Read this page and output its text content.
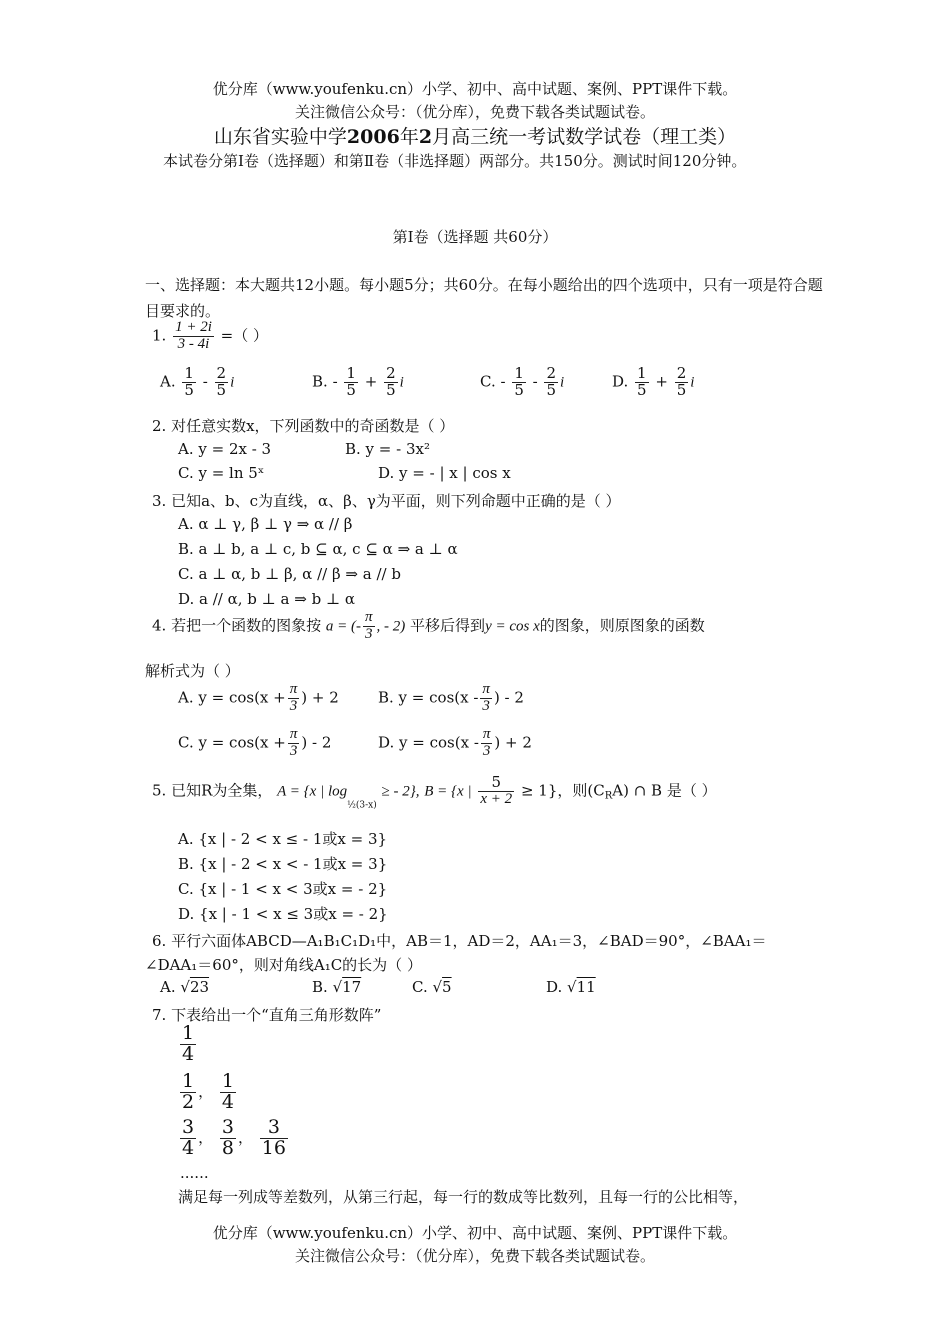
优分库（www.youfenku.cn）小学、初中、高中试题、案例、PPT课件下载。
关注微信公众号：（优分库），免费下载各类试题试卷。
山东省实验中学2006年2月高三统一考试数学试卷（理工类）
本试卷分第Ⅰ卷（选择题）和第Ⅱ卷（非选择题）两部分。共150分。测试时间120分钟。
第Ⅰ卷（选择题 共60分）
一、选择题：本大题共12小题。每小题5分；共60分。在每小题给出的四个选项中，只有一项是符合题目要求的。
1. $\frac{1 + 2i}{3 - 4i}$ =（ ）
A. $\frac{1}{5} - \frac{2}{5}$ i	B. - $\frac{1}{5} + \frac{2}{5}$ i	C. - $\frac{1}{5} - \frac{2}{5}$ i	D. $\frac{1}{5} + \frac{2}{5}$ i
2. 对任意实数x，下列函数中的奇函数是（ ）
A. y = 2x - 3	B. y = - 3x²
C. y = ln 5ˣ	D. y = - | x | cos x
3. 已知a、b、c为直线，α、β、γ为平面，则下列命题中正确的是（ ）
A. α ⊥ γ, β ⊥ γ ⇒ α // β
B. a ⊥ b, a ⊥ c, b ⊆ α, c ⊆ α ⇒ a ⊥ α
C. a ⊥ α, b ⊥ β, α // β ⇒ a // b
D. a // α, b ⊥ a ⇒ b ⊥ α
4. 若把一个函数的图象按 a = (- $\frac{\pi}{3}$ , - 2) 平移后得到y = cos x的图象，则原图象的函数
解析式为（ ）
A. $y = \cos(x + \frac{\pi}{3}$ ) + 2	B. $y = \cos(x - \frac{\pi}{3}$ ) - 2
C. $y = \cos(x + \frac{\pi}{3}$ ) - 2	D. $y = \cos(x - \frac{\pi}{3}$ ) + 2
5. 已知R为全集， A = {x | $\log_{\frac{1}{2}(3-x)}$ ≥ - 2}, B = {x | $\frac{5}{x + 2} \ge 1$}，则$(C_RA)$ ∩ B 是（ ）
A. {x | - 2 < x ≤ - 1或x = 3}
B. {x | - 2 < x < - 1或x = 3}
C. {x | - 1 < x < 3或x = - 2}
D. {x | - 1 < x ≤ 3或x = - 2}
6. 平行六面体ABCD—A₁B₁C₁D₁中，AB＝1，AD＝2，AA₁＝3，∠BAD＝90°，∠BAA₁＝
∠DAA₁＝60°，则对角线A₁C的长为（ ）
A. √23	B. √17	C. √5	D. √11
7. 下表给出一个“直角三角形数阵”
$\frac{1}{4}$
$\frac{1}{2}$ ， $\frac{1}{4}$
$\frac{3}{4}$ ， $\frac{3}{8}$ ， $\frac{3}{16}$
......
满足每一列成等差数列，从第三行起，每一行的数成等比数列，且每一行的公比相等，
优分库（www.youfenku.cn）小学、初中、高中试题、案例、PPT课件下载。
关注微信公众号：（优分库），免费下载各类试题试卷。
